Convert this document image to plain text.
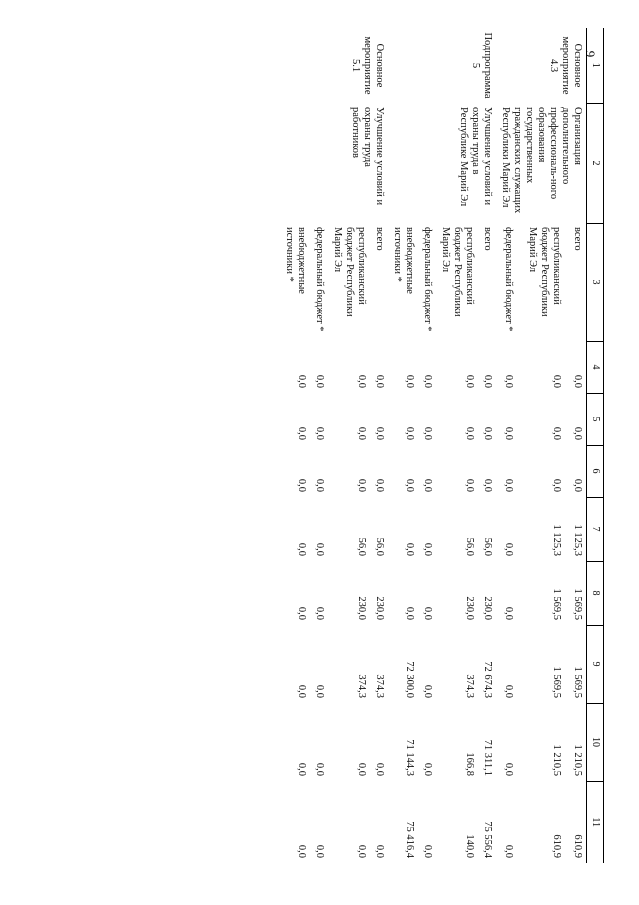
9
1	2	3	4	5	6	7	8	9	10	11
Основное мероприятие 4.3	Организация дополнительного профессиональ-ного образования государственных гражданских служащих Республики Марий Эл	всего	0,0	0,0	0,0	1 125,3	1 569,5	1 569,5	1 210,5	610,9
		республиканский бюджет Республики Марий Эл	0,0	0,0	0,0	1 125,3	1 569,5	1 569,5	1 210,5	610,9
		федеральный бюджет *	0,0	0,0	0,0	0,0	0,0	0,0	0,0	0,0
Подпрограмма 5	Улучшение условий и охраны труда в Республике Марий Эл	всего	0,0	0,0	0,0	56,0	230,0	72 674,3	71 311,1	75 556,4
		республиканский бюджет Республики Марий Эл	0,0	0,0	0,0	56,0	230,0	374,3	166,8	140,0
		федеральный бюджет *	0,0	0,0	0,0	0,0	0,0	0,0	0,0	0,0
		внебюджетные источники *	0,0	0,0	0,0	0,0	0,0	72 300,0	71 144,3	75 416,4
Основное мероприятие 5.1	Улучшение условий и охраны труда работников	всего	0,0	0,0	0,0	56,0	230,0	374,3	0,0	0,0
		республиканский бюджет Республики Марий Эл	0,0	0,0	0,0	56,0	230,0	374,3	0,0	0,0
		федеральный бюджет *	0,0	0,0	0,0	0,0	0,0	0,0	0,0	0,0
		внебюджетные источники *	0,0	0,0	0,0	0,0	0,0	0,0	0,0	0,0
